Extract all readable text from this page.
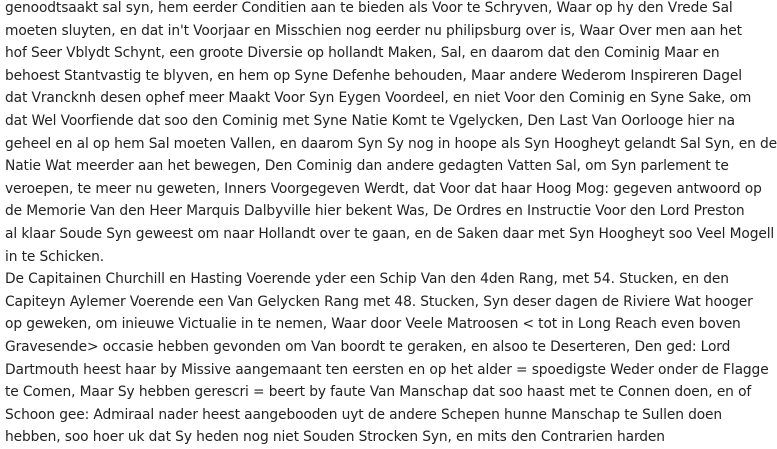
genoodtsaakt sal syn, hem eerder Conditien aan te bieden als Voor te Schryven, Waar op hy den Vrede Sal
moeten sluyten, en dat in't Voorjaar en Misschien nog eerder nu philipsburg over is, Waar Over men aan het
hof Seer Vblydt Schynt, een groote Diversie op hollandt Maken, Sal, en daarom dat den Cominig Maar en
behoest Stantvastig te blyven, en hem op Syne Defenhe behouden, Maar andere Wederom Inspireren Dagel
dat Vrancknh desen ophef meer Maakt Voor Syn Eygen Voordeel, en niet Voor den Cominig en Syne Sake, om
dat Wel Voorfiende dat soo den Cominig met Syne Natie Komt te Vgelycken, Den Last Van Oorlooge hier na
geheel en al op hem Sal moeten Vallen, en daarom Syn Sy nog in hoope als Syn Hoogheyt gelandt Sal Syn, en de
Natie Wat meerder aan het bewegen, Den Cominig dan andere gedagten Vatten Sal, om Syn parlement te
veroepen, te meer nu geweten, Inners Voorgegeven Werdt, dat Voor dat haar Hoog Mog: gegeven antwoord op
de Memorie Van den Heer Marquis Dalbyville hier bekent Was, De Ordres en Instructie Voor den Lord Preston
al klaar Soude Syn geweest om naar Hollandt over te gaan, en de Saken daar met Syn Hoogheyt soo Veel Mogell
in te Schicken.
De Capitainen Churchill en Hasting Voerende yder een Schip Van den 4den Rang, met 54. Stucken, en den
Capiteyn Aylemer Voerende een Van Gelycken Rang met 48. Stucken, Syn deser dagen de Riviere Wat hooger
op geweken, om inieuwe Victualie in te nemen, Waar door Veele Matroosen < tot in Long Reach even boven
Gravesende> occasie hebben gevonden om Van boordt te geraken, en alsoo te Deserteren, Den ged: Lord
Dartmouth heest haar by Missive aangemaant ten eersten en op het alder = spoedigste Weder onder de Flagge
te Comen, Maar Sy hebben gerescri = beert by faute Van Manschap dat soo haast met te Connen doen, en of
Schoon gee: Admiraal nader heest aangebooden uyt de andere Schepen hunne Manschap te Sullen doen
hebben, soo hoer uk dat Sy heden nog niet Souden Strocken Syn, en mits den Contrarien harden
